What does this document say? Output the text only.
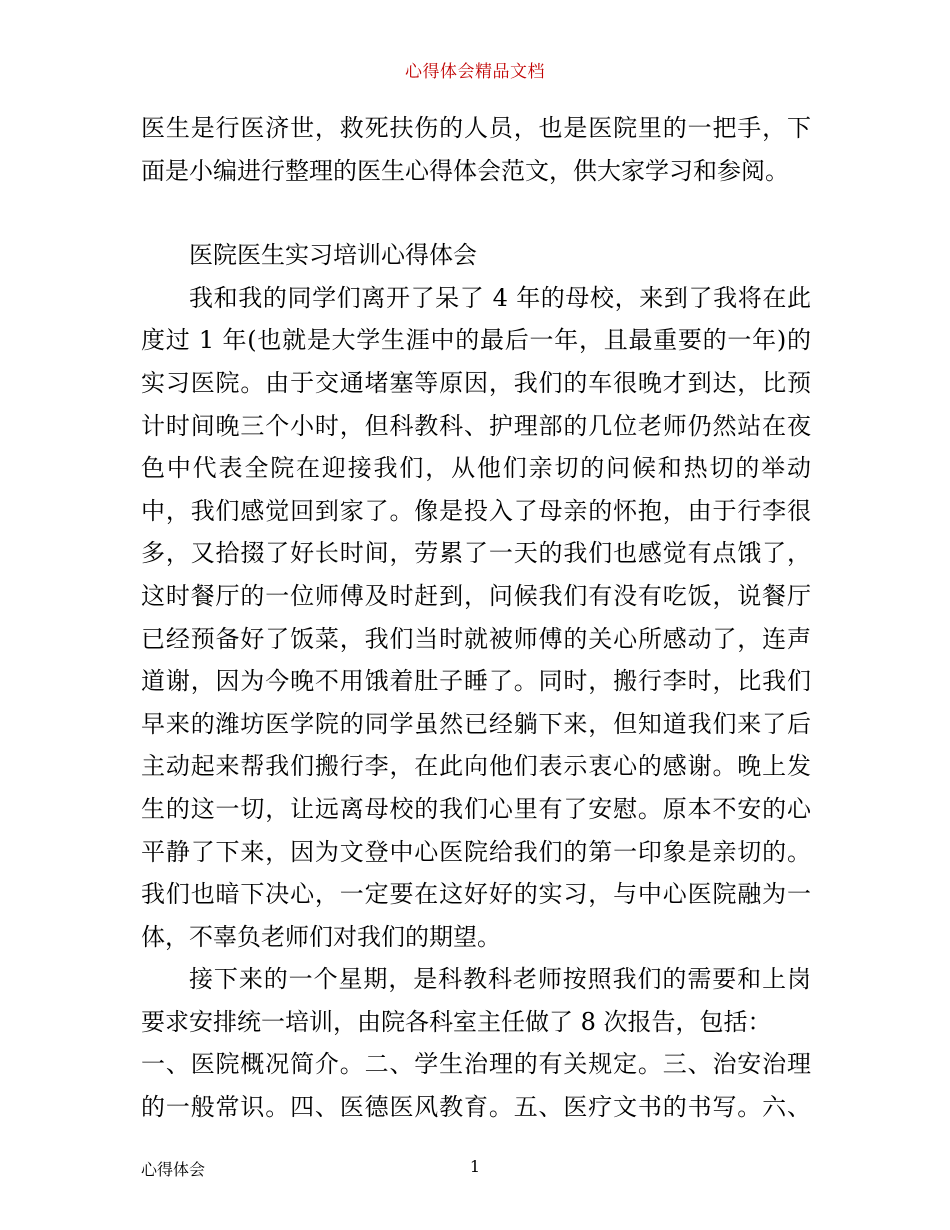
心得体会精品文档
医生是行医济世，救死扶伤的人员，也是医院里的一把手，下
面是小编进行整理的医生心得体会范文，供大家学习和参阅。
医院医生实习培训心得体会
我和我的同学们离开了呆了 4 年的母校，来到了我将在此
度过 1 年(也就是大学生涯中的最后一年，且最重要的一年)的
实习医院。由于交通堵塞等原因，我们的车很晚才到达，比预
计时间晚三个小时，但科教科、护理部的几位老师仍然站在夜
色中代表全院在迎接我们，从他们亲切的问候和热切的举动
中，我们感觉回到家了。像是投入了母亲的怀抱，由于行李很
多，又拾掇了好长时间，劳累了一天的我们也感觉有点饿了，
这时餐厅的一位师傅及时赶到，问候我们有没有吃饭，说餐厅
已经预备好了饭菜，我们当时就被师傅的关心所感动了，连声
道谢，因为今晚不用饿着肚子睡了。同时，搬行李时，比我们
早来的潍坊医学院的同学虽然已经躺下来，但知道我们来了后
主动起来帮我们搬行李，在此向他们表示衷心的感谢。晚上发
生的这一切，让远离母校的我们心里有了安慰。原本不安的心
平静了下来，因为文登中心医院给我们的第一印象是亲切的。
我们也暗下决心，一定要在这好好的实习，与中心医院融为一
体，不辜负老师们对我们的期望。
接下来的一个星期，是科教科老师按照我们的需要和上岗
要求安排统一培训，由院各科室主任做了 8 次报告，包括：
一、医院概况简介。二、学生治理的有关规定。三、治安治理
的一般常识。四、医德医风教育。五、医疗文书的书写。六、
心得体会	1
